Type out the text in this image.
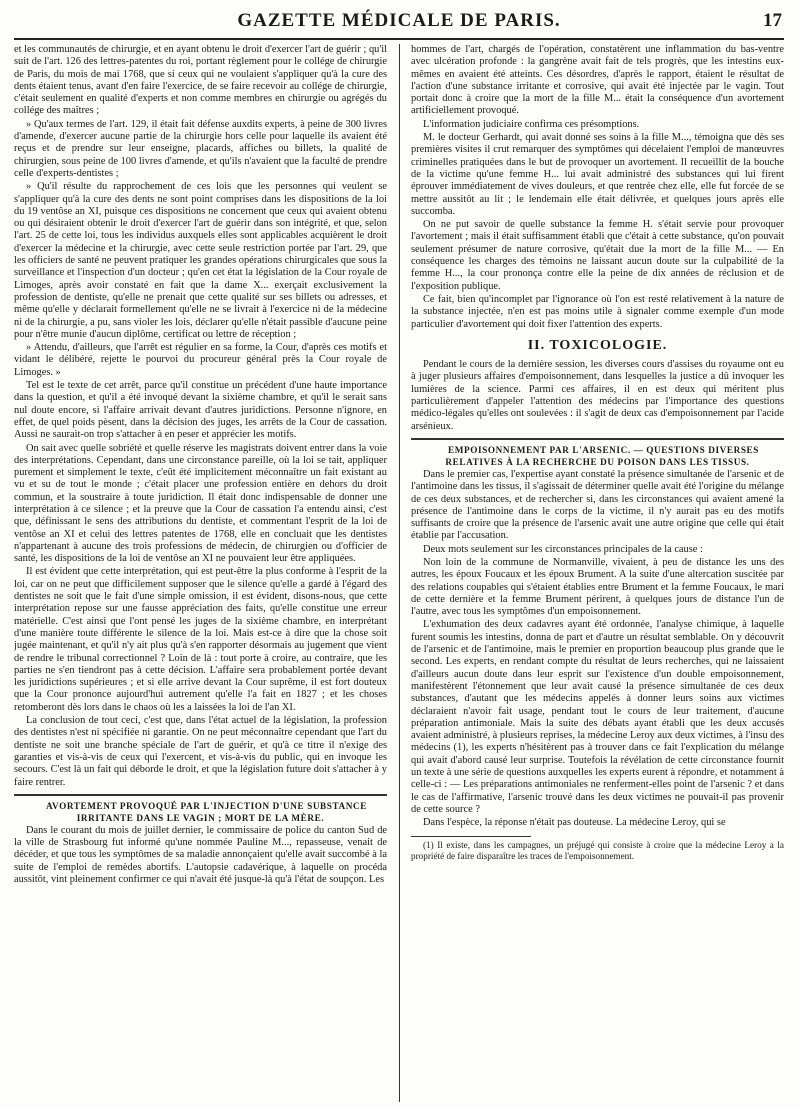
GAZETTE MÉDICALE DE PARIS.	17

et les communautés de chirurgie, et en ayant obtenu le droit d'exercer l'art de guérir ; qu'il suit de l'art. 126 des lettres-patentes du roi, portant règlement pour le collége de chirurgie de Paris, du mois de mai 1768, que si ceux qui ne voulaient s'appliquer qu'à la cure des dents étaient tenus, avant d'en faire l'exercice, de se faire recevoir au collége de chirurgie, c'était seulement en qualité d'experts et non comme membres en chirurgie ou agrégés du collége des maîtres ;

» Qu'aux termes de l'art. 129, il était fait défense auxdits experts, à peine de 300 livres d'amende, d'exercer aucune partie de la chirurgie hors celle pour laquelle ils avaient été reçus et de prendre sur leur enseigne, placards, affiches ou billets, la qualité de chirurgien, sous peine de 100 livres d'amende, et qu'ils n'avaient que la faculté de prendre celle d'experts-dentistes ;

» Qu'il résulte du rapprochement de ces lois que les personnes qui veulent se s'appliquer qu'à la cure des dents ne sont point comprises dans les dispositions de la loi du 19 ventôse an XI, puisque ces dispositions ne concernent que ceux qui avaient obtenu ou qui désiraient obtenir le droit d'exercer l'art de guérir dans son intégrité, et que, selon l'art. 25 de cette loi, tous les individus auxquels elles sont applicables acquièrent le droit d'exercer la médecine et la chirurgie, avec cette seule restriction portée par l'art. 29, que les officiers de santé ne peuvent pratiquer les grandes opérations chirurgicales que sous la surveillance et l'inspection d'un docteur ; qu'en cet état la législation de la Cour royale de Limoges, après avoir constaté en fait que la dame X... exerçait exclusivement la profession de dentiste, qu'elle ne prenait que cette qualité sur ses billets ou adresses, et même qu'elle y déclarait formellement qu'elle ne se livrait à l'exercice ni de la médecine ni de la chirurgie, a pu, sans violer les lois, déclarer qu'elle n'était passible d'aucune peine pour n'être munie d'aucun diplôme, certificat ou lettre de réception ;

» Attendu, d'ailleurs, que l'arrêt est régulier en sa forme, la Cour, d'après ces motifs et vidant le délibéré, rejette le pourvoi du procureur général près la Cour royale de Limoges. »

Tel est le texte de cet arrêt, parce qu'il constitue un précédent d'une haute importance dans la question, et qu'il a été invoqué devant la sixième chambre, et qu'il le serait sans nul doute encore, si l'affaire arrivait devant d'autres juridictions. Personne n'ignore, en effet, de quel poids pèsent, dans la décision des juges, les arrêts de la Cour de cassation. Aussi ne saurait-on trop s'attacher à en peser et apprécier les motifs.

On sait avec quelle sobriété et quelle réserve les magistrats doivent entrer dans la voie des interprétations. Cependant, dans une circonstance pareille, où la loi se tait, appliquer purement et simplement le texte, c'eût été implicitement méconnaître un fait existant au vu et su de tout le monde ; c'était placer une profession entière en dehors du droit commun, et la soustraire à toute juridiction. Il était donc indispensable de donner une interprétation à ce silence ; et la preuve que la Cour de cassation l'a entendu ainsi, c'est que, définissant le sens des attributions du dentiste, et commentant l'esprit de la loi de ventôse an XI et celui des lettres patentes de 1768, elle en concluait que les dentistes n'appartenant à aucune des trois professions de médecin, de chirurgien ou d'officier de santé, les dispositions de la loi de ventôse an XI ne pouvaient leur être appliquées.

Il est évident que cette interprétation, qui est peut-être la plus conforme à l'esprit de la loi, car on ne peut que difficilement supposer que le silence qu'elle a gardé à l'égard des dentistes ne soit que le fait d'une simple omission, il est évident, disons-nous, que cette interprétation repose sur une fausse appréciation des faits, qu'elle constitue une erreur matérielle. C'est ainsi que l'ont pensé les juges de la sixième chambre, en interprétant d'une manière toute différente le silence de la loi. Mais est-ce à dire que la chose soit jugée maintenant, et qu'il n'y ait plus qu'à s'en rapporter désormais au jugement que vient de rendre le tribunal correctionnel ? Loin de là : tout porte à croire, au contraire, que les parties ne s'en tiendront pas à cette décision. L'affaire sera probablement portée devant les juridictions supérieures ; et si elle arrive devant la Cour suprême, il est fort douteux que la Cour prononce aujourd'hui autrement qu'elle l'a fait en 1827 ; et les choses retomberont dès lors dans le chaos où les a laissées la loi de l'an XI.

La conclusion de tout ceci, c'est que, dans l'état actuel de la législation, la profession des dentistes n'est ni spécifiée ni garantie. On ne peut méconnaître cependant que l'art du dentiste ne soit une branche spéciale de l'art de guérir, et qu'à ce titre il n'exige des garanties et vis-à-vis de ceux qui l'exercent, et vis-à-vis du public, qui en invoque les secours. C'est là un fait qui déborde le droit, et que la législation future doit s'attacher à y faire rentrer.

AVORTEMENT PROVOQUÉ PAR L'INJECTION D'UNE SUBSTANCE IRRITANTE DANS LE VAGIN ; MORT DE LA MÈRE.

Dans le courant du mois de juillet dernier, le commissaire de police du canton Sud de la ville de Strasbourg fut informé qu'une nommée Pauline M..., repasseuse, venait de décéder, et que tous les symptômes de sa maladie annonçaient qu'elle avait succombé à la suite de l'emploi de remèdes abortifs. L'autopsie cadavérique, à laquelle on procéda aussitôt, vint pleinement confirmer ce qui n'avait été jusque-là qu'à l'état de soupçon. Les

hommes de l'art, chargés de l'opération, constatèrent une inflammation du bas-ventre avec ulcération profonde : la gangrène avait fait de tels progrès, que les intestins eux-mêmes en avaient été atteints. Ces désordres, d'après le rapport, étaient le résultat de l'action d'une substance irritante et corrosive, qui avait été injectée par le vagin. Tout portait donc à croire que la mort de la fille M... était la conséquence d'un avortement artificiellement provoqué.

L'information judiciaire confirma ces présomptions.

M. le docteur Gerhardt, qui avait donné ses soins à la fille M..., témoigna que dès ses premières visites il crut remarquer des symptômes qui décelaient l'emploi de manœuvres criminelles pratiquées dans le but de provoquer un avortement. Il recueillit de la bouche de la victime qu'une femme H... lui avait administré des substances qui lui firent éprouver immédiatement de vives douleurs, et que rentrée chez elle, elle fut forcée de se mettre aussitôt au lit ; le lendemain elle était délivrée, et quelques jours après elle succomba.

On ne put savoir de quelle substance la femme H. s'était servie pour provoquer l'avortement ; mais il était suffisamment établi que c'était à cette substance, qu'on pouvait seulement présumer de nature corrosive, qu'était due la mort de la fille M... — En conséquence les charges des témoins ne laissant aucun doute sur la culpabilité de la femme H..., la cour prononça contre elle la peine de dix années de réclusion et de l'exposition publique.

Ce fait, bien qu'incomplet par l'ignorance où l'on est resté relativement à la nature de la substance injectée, n'en est pas moins utile à signaler comme exemple d'un mode particulier d'avortement qui doit fixer l'attention des experts.

II. TOXICOLOGIE.

Pendant le cours de la dernière session, les diverses cours d'assises du royaume ont eu à juger plusieurs affaires d'empoisonnement, dans lesquelles la justice a dû invoquer les lumières de la science. Parmi ces affaires, il en est deux qui méritent plus particulièrement d'appeler l'attention des médecins par l'importance des questions médico-légales qu'elles ont soulevées : il s'agit de deux cas d'empoisonnement par l'acide arsénieux.

EMPOISONNEMENT PAR L'ARSENIC. — QUESTIONS DIVERSES RELATIVES À LA RECHERCHE DU POISON DANS LES TISSUS.

Dans le premier cas, l'expertise ayant constaté la présence simultanée de l'arsenic et de l'antimoine dans les tissus, il s'agissait de déterminer quelle avait été l'origine du mélange de ces deux substances, et de rechercher si, dans les circonstances qui avaient amené la présence de l'antimoine dans le corps de la victime, il n'y aurait pas eu des motifs suffisants de croire que la présence de l'arsenic avait une autre origine que celle qui était établie par l'accusation.

Deux mots seulement sur les circonstances principales de la cause :

Non loin de la commune de Normanville, vivaient, à peu de distance les uns des autres, les époux Foucaux et les époux Brument. A la suite d'une altercation suscitée par des relations coupables qui s'étaient établies entre Brument et la femme Foucaux, le mari de cette dernière et la femme Brument périrent, à quelques jours de distance l'un de l'autre, avec tous les symptômes d'un empoisonnement.

L'exhumation des deux cadavres ayant été ordonnée, l'analyse chimique, à laquelle furent soumis les intestins, donna de part et d'autre un résultat semblable. On y découvrit de l'arsenic et de l'antimoine, mais le premier en proportion beaucoup plus grande que le second. Les experts, en rendant compte du résultat de leurs recherches, qui ne laissaient d'ailleurs aucun doute dans leur esprit sur l'existence d'un double empoisonnement, manifestèrent l'étonnement que leur avait causé la présence simultanée de ces deux substances, d'autant que les médecins appelés à donner leurs soins aux victimes déclaraient n'avoir fait usage, pendant tout le cours de leur traitement, d'aucune préparation antimoniale. Mais la suite des débats ayant établi que les deux accusés avaient administré, à plusieurs reprises, la médecine Leroy aux deux victimes, à l'insu des médecins (1), les experts n'hésitèrent pas à trouver dans ce fait l'explication du mélange qui avait d'abord causé leur surprise. Toutefois la révélation de cette circonstance fournit un texte à une série de questions auxquelles les experts eurent à répondre, et notamment à celle-ci : — Les préparations antimoniales ne renferment-elles point de l'arsenic ? et dans le cas de l'affirmative, l'arsenic trouvé dans les deux victimes ne pouvait-il pas provenir de cette source ?

Dans l'espèce, la réponse n'était pas douteuse. La médecine Leroy, qui se

(1) Il existe, dans les campagnes, un préjugé qui consiste à croire que la médecine Leroy a la propriété de faire disparaître les traces de l'empoisonnement.
